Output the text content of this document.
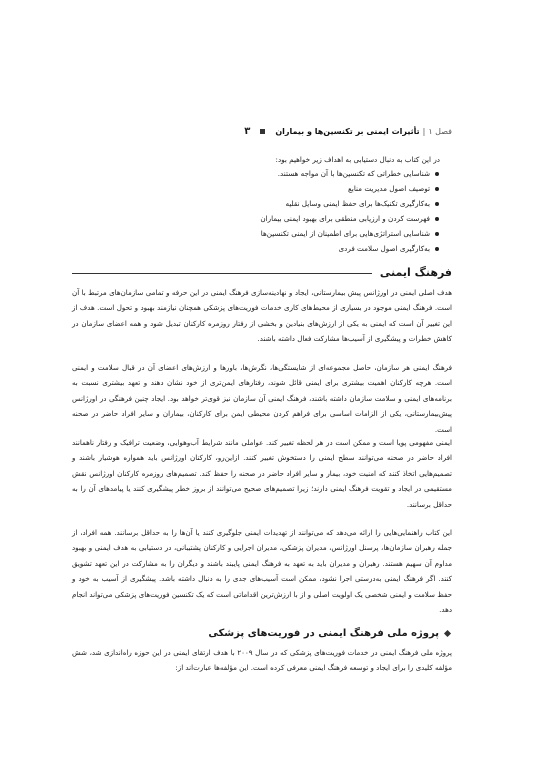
فصل ۱
|
تأثیرات ایمنی بر تکنسین‌ها و بیماران
۳

در این کتاب به دنبال دستیابی به اهداف زیر خواهیم بود:

شناسایی خطراتی که تکنسین‌ها با آن مواجه هستند.
توصیف اصول مدیریت منابع
به‌کارگیری تکنیک‌ها برای حفظ ایمنی وسایل نقلیه
فهرست کردن و ارزیابی منطقی برای بهبود ایمنی بیماران
شناسایی استراتژی‌هایی برای اطمینان از ایمنی تکنسین‌ها
به‌کارگیری اصول سلامت فردی
فرهنگ ایمنی

هدف اصلی ایمنی در اورژانس پیش بیمارستانی، ایجاد و نهادینه‌سازی فرهنگ ایمنی در این حرفه و تمامی سازمان‌های مرتبط با آن است. فرهنگ ایمنی موجود در بسیاری از محیط‌های کاری خدمات فوریت‌های پزشکی همچنان نیازمند بهبود و تحول است. هدف از این تغییر آن است که ایمنی به یکی از ارزش‌های بنیادین و بخشی از رفتار روزمره کارکنان تبدیل شود و همه اعضای سازمان در کاهش خطرات و پیشگیری از آسیب‌ها مشارکت فعال داشته باشند.

فرهنگ ایمنی هر سازمان، حاصل مجموعه‌ای از شایستگی‌ها، نگرش‌ها، باورها و ارزش‌های اعضای آن در قبال سلامت و ایمنی است. هرچه کارکنان اهمیت بیشتری برای ایمنی قائل شوند، رفتارهای ایمن‌تری از خود نشان دهند و تعهد بیشتری نسبت به برنامه‌های ایمنی و سلامت سازمان داشته باشند، فرهنگ ایمنی آن سازمان نیز قوی‌تر خواهد بود. ایجاد چنین فرهنگی در اورژانس پیش‌بیمارستانی، یکی از الزامات اساسی برای فراهم کردن محیطی ایمن برای کارکنان، بیماران و سایر افراد حاضر در صحنه است.

ایمنی مفهومی پویا است و ممکن است در هر لحظه تغییر کند. عواملی مانند شرایط آب‌وهوایی، وضعیت ترافیک و رفتار ناهمانند افراد حاضر در صحنه می‌توانند سطح ایمنی را دستخوش تغییر کنند. ازاین‌رو، کارکنان اورژانس باید همواره هوشیار باشند و تصمیم‌هایی اتخاذ کنند که امنیت خود، بیمار و سایر افراد حاضر در صحنه را حفظ کند. تصمیم‌های روزمره کارکنان اورژانس نقش مستقیمی در ایجاد و تقویت فرهنگ ایمنی دارند؛ زیرا تصمیم‌های صحیح می‌توانند از بروز خطر پیشگیری کنند یا پیامدهای آن را به حداقل برسانند.

این کتاب راهنمایی‌هایی را ارائه می‌دهد که می‌توانند از تهدیدات ایمنی جلوگیری کنند یا آن‌ها را به حداقل برسانند. همه افراد، از جمله رهبران سازمان‌ها، پرسنل اورژانس، مدیران پزشکی، مدیران اجرایی و کارکنان پشتیبانی، در دستیابی به هدف ایمنی و بهبود مداوم آن سهیم هستند. رهبران و مدیران باید به تعهد به فرهنگ ایمنی پایبند باشند و دیگران را به مشارکت در این تعهد تشویق کنند. اگر فرهنگ ایمنی به‌درستی اجرا نشود، ممکن است آسیب‌های جدی را به دنبال داشته باشد. پیشگیری از آسیب به خود و حفظ سلامت و ایمنی شخصی یک اولویت اصلی و از با ارزش‌ترین اقداماتی است که یک تکنسین فوریت‌های پزشکی می‌تواند انجام دهد.

پروژه ملی فرهنگ ایمنی در فوریت‌های پزشکی

پروژه ملی فرهنگ ایمنی در خدمات فوریت‌های پزشکی که در سال ۲۰۰۹ با هدف ارتقای ایمنی در این حوزه راه‌اندازی شد، شش مؤلفه کلیدی را برای ایجاد و توسعه فرهنگ ایمنی معرفی کرده است. این مؤلفه‌ها عبارت‌اند از:
